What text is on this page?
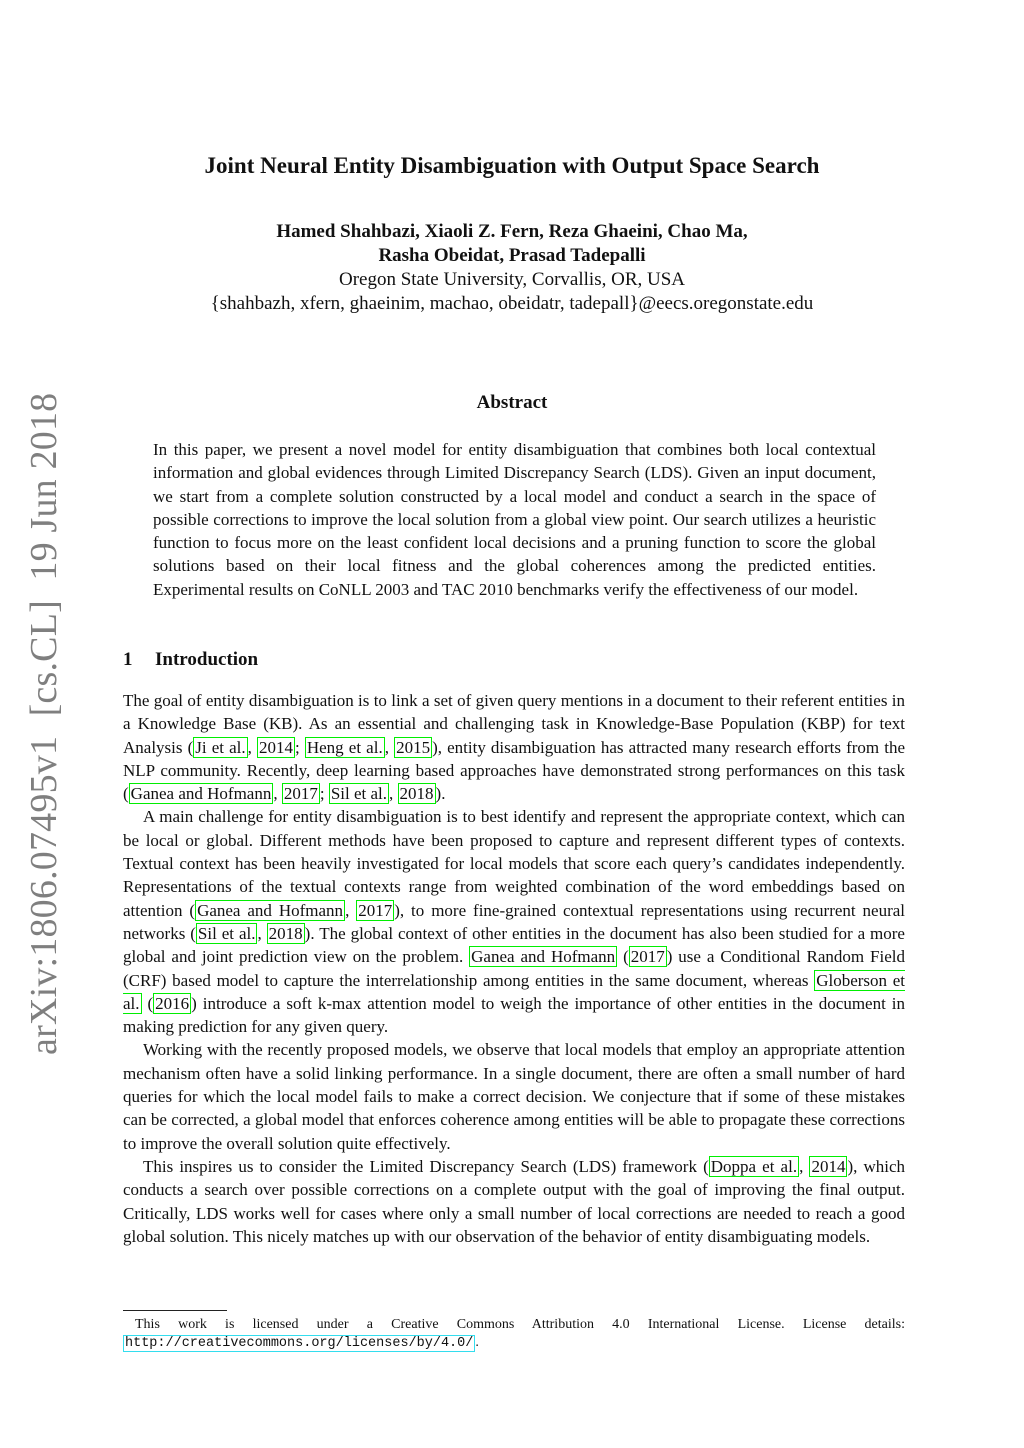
arXiv:1806.07495v1  [cs.CL]  19 Jun 2018
Joint Neural Entity Disambiguation with Output Space Search
Hamed Shahbazi, Xiaoli Z. Fern, Reza Ghaeini, Chao Ma,
Rasha Obeidat, Prasad Tadepalli
Oregon State University, Corvallis, OR, USA
{shahbazh, xfern, ghaeinim, machao, obeidatr, tadepall}@eecs.oregonstate.edu
Abstract
In this paper, we present a novel model for entity disambiguation that combines both local contextual information and global evidences through Limited Discrepancy Search (LDS). Given an input document, we start from a complete solution constructed by a local model and conduct a search in the space of possible corrections to improve the local solution from a global view point. Our search utilizes a heuristic function to focus more on the least confident local decisions and a pruning function to score the global solutions based on their local fitness and the global coherences among the predicted entities. Experimental results on CoNLL 2003 and TAC 2010 benchmarks verify the effectiveness of our model.
1 Introduction

The goal of entity disambiguation is to link a set of given query mentions in a document to their referent entities in a Knowledge Base (KB). As an essential and challenging task in Knowledge-Base Population (KBP) for text Analysis ( Ji et al. , 2014 ; Heng et al. , 2015 ), entity disambiguation has attracted many research efforts from the NLP community. Recently, deep learning based approaches have demonstrated strong performances on this task ( Ganea and Hofmann , 2017 ; Sil et al. , 2018 ).

A main challenge for entity disambiguation is to best identify and represent the appropriate context, which can be local or global. Different methods have been proposed to capture and represent different types of contexts. Textual context has been heavily investigated for local models that score each query’s candidates independently. Representations of the textual contexts range from weighted combination of the word embeddings based on attention ( Ganea and Hofmann , 2017 ), to more fine-grained contextual representations using recurrent neural networks ( Sil et al. , 2018 ). The global context of other entities in the document has also been studied for a more global and joint prediction view on the problem. Ganea and Hofmann ( 2017 ) use a Conditional Random Field (CRF) based model to capture the interrelationship among entities in the same document, whereas Globerson et al. ( 2016 ) introduce a soft k-max attention model to weigh the importance of other entities in the document in making prediction for any given query.

Working with the recently proposed models, we observe that local models that employ an appropriate attention mechanism often have a solid linking performance. In a single document, there are often a small number of hard queries for which the local model fails to make a correct decision. We conjecture that if some of these mistakes can be corrected, a global model that enforces coherence among entities will be able to propagate these corrections to improve the overall solution quite effectively.

This inspires us to consider the Limited Discrepancy Search (LDS) framework ( Doppa et al. , 2014 ), which conducts a search over possible corrections on a complete output with the goal of improving the final output. Critically, LDS works well for cases where only a small number of local corrections are needed to reach a good global solution. This nicely matches up with our observation of the behavior of entity disambiguating models.

This work is licensed under a Creative Commons Attribution 4.0 International License. License details: http://creativecommons.org/licenses/by/4.0/ .
